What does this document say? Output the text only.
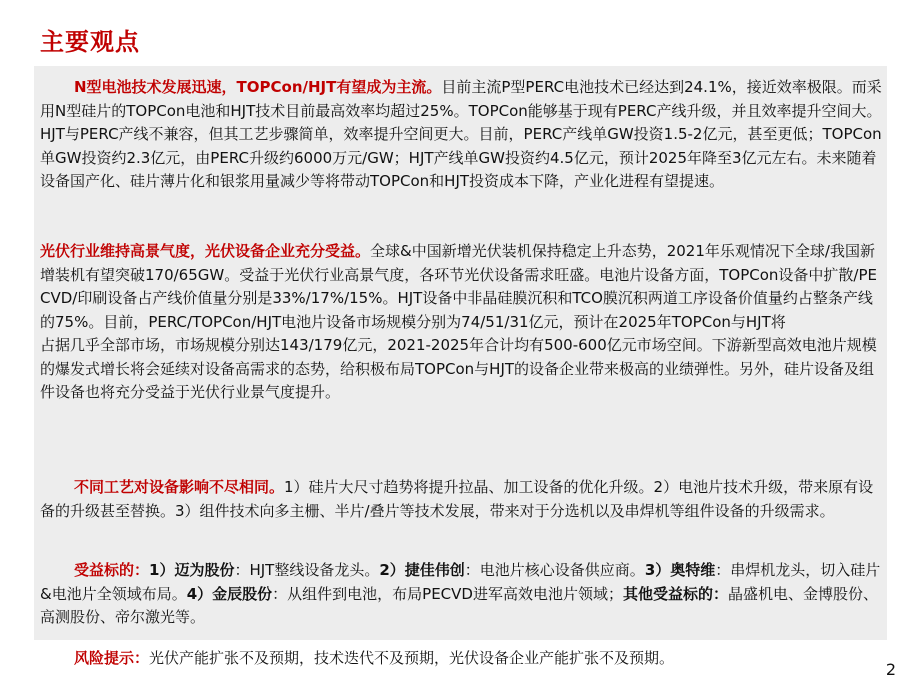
主要观点
N型电池技术发展迅速，TOPCon/HJT有望成为主流。目前主流P型PERC电池技术已经达到24.1%，接近效率极限。而采用N型硅片的TOPCon电池和HJT技术目前最高效率均超过25%。TOPCon能够基于现有PERC产线升级，并且效率提升空间大。HJT与PERC产线不兼容，但其工艺步骤简单，效率提升空间更大。目前，PERC产线单GW投资1.5-2亿元，甚至更低；TOPCon单GW投资约2.3亿元，由PERC升级约6000万元/GW；HJT产线单GW投资约4.5亿元，预计2025年降至3亿元左右。未来随着设备国产化、硅片薄片化和银浆用量减少等将带动TOPCon和HJT投资成本下降，产业化进程有望提速。
光伏行业维持高景气度，光伏设备企业充分受益。全球&中国新增光伏装机保持稳定上升态势，2021年乐观情况下全球/我国新增装机有望突破170/65GW。受益于光伏行业高景气度，各环节光伏设备需求旺盛。电池片设备方面，TOPCon设备中扩散/PECVD/印刷设备占产线价值量分别是33%/17%/15%。HJT设备中非晶硅膜沉积和TCO膜沉积两道工序设备价值量约占整条产线的75%。目前，PERC/TOPCon/HJT电池片设备市场规模分别为74/51/31亿元，预计在2025年TOPCon与HJT将
占据几乎全部市场，市场规模分别达143/179亿元，2021-2025年合计均有500-600亿元市场空间。下游新型高效电池片规模的爆发式增长将会延续对设备高需求的态势，给积极布局TOPCon与HJT的设备企业带来极高的业绩弹性。另外，硅片设备及组件设备也将充分受益于光伏行业景气度提升。
不同工艺对设备影响不尽相同。1）硅片大尺寸趋势将提升拉晶、加工设备的优化升级。2）电池片技术升级，带来原有设备的升级甚至替换。3）组件技术向多主栅、半片/叠片等技术发展，带来对于分选机以及串焊机等组件设备的升级需求。
受益标的：1）迈为股份：HJT整线设备龙头。2）捷佳伟创：电池片核心设备供应商。3）奥特维：串焊机龙头，切入硅片&电池片全领域布局。4）金辰股份：从组件到电池，布局PECVD进军高效电池片领域；其他受益标的：晶盛机电、金博股份、高测股份、帝尔激光等。
风险提示：光伏产能扩张不及预期，技术迭代不及预期，光伏设备企业产能扩张不及预期。
2
